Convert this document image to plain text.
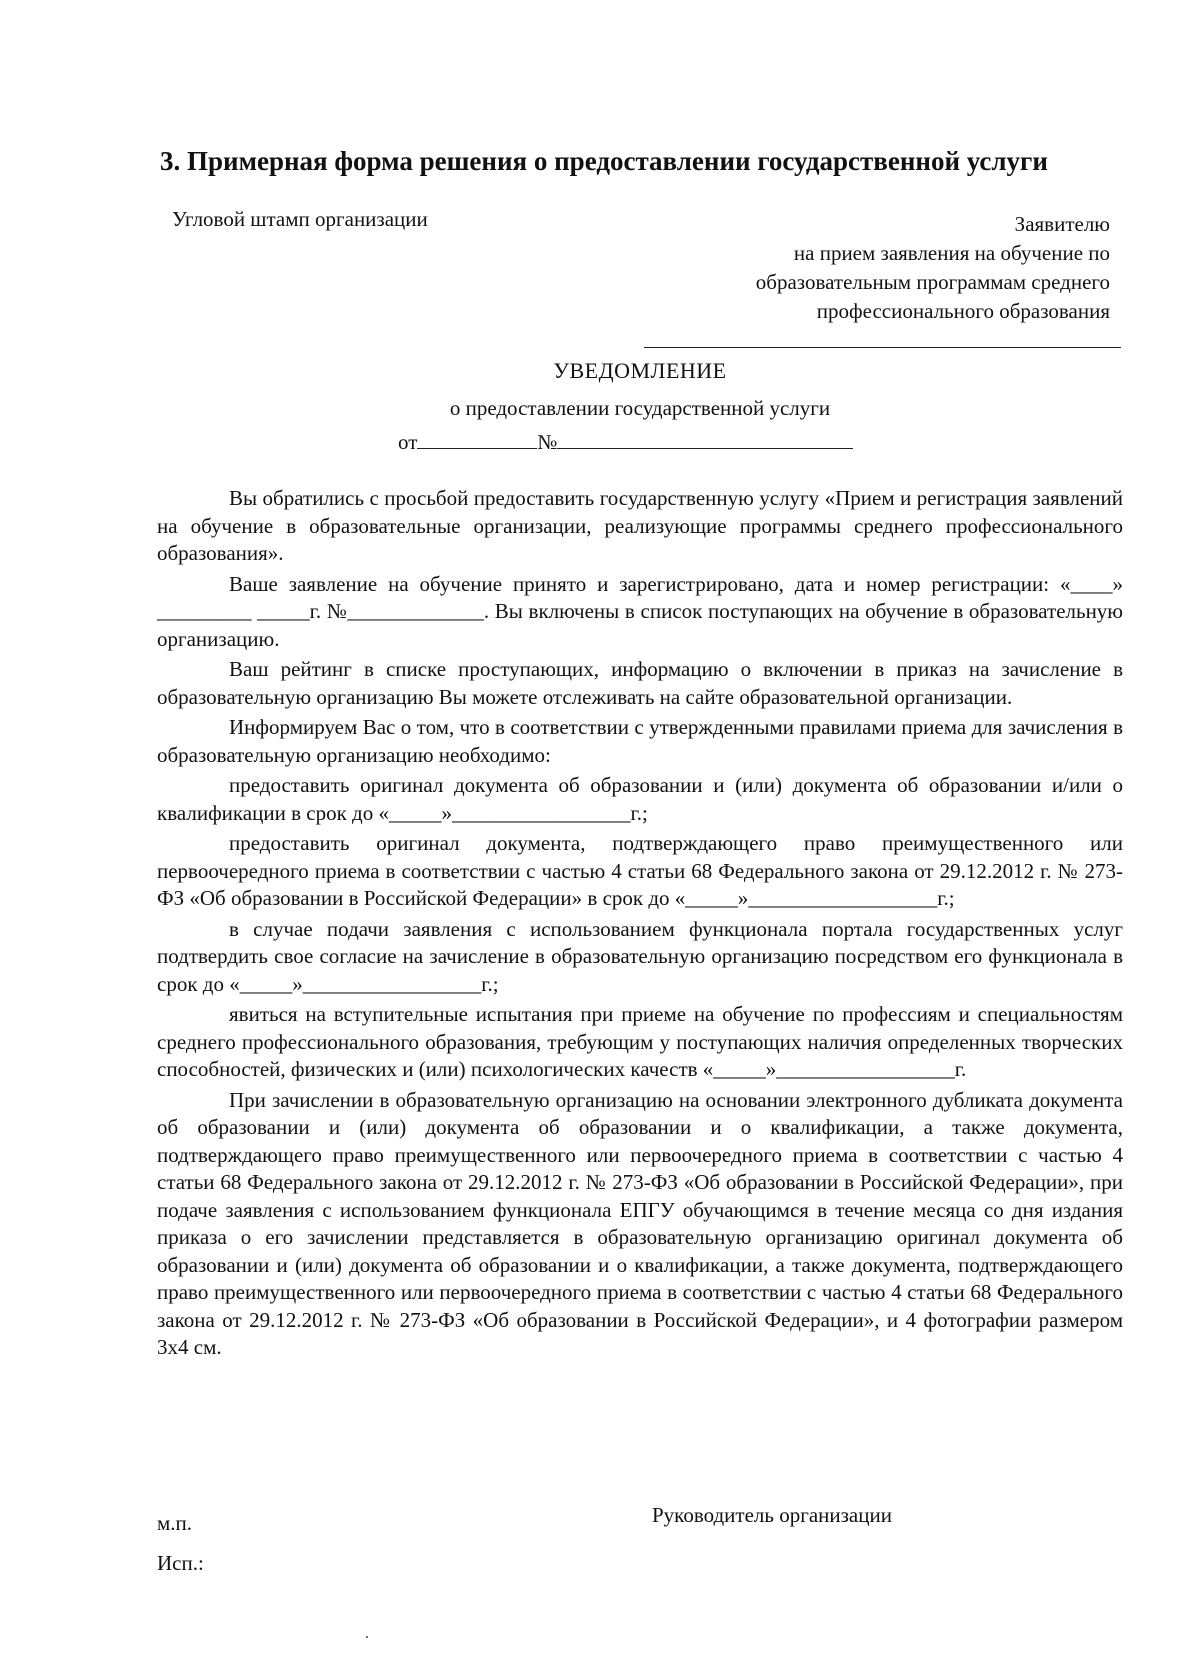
3. Примерная форма решения о предоставлении государственной услуги
Угловой штамп организации	Заявителю
на прием заявления на обучение по
образовательным программам среднего
профессионального образования
УВЕДОМЛЕНИЕ
о предоставлении государственной услуги
от	№

Вы обратились с просьбой предоставить государственную услугу «Прием и регистрация заявлений на обучение в образовательные организации, реализующие программы среднего профессионального образования».

Ваше заявление на обучение принято и зарегистрировано, дата и номер регистрации: «____» _________ _____г. №_____________. Вы включены в список поступающих на обучение в образовательную организацию.

Ваш рейтинг в списке проступающих, информацию о включении в приказ на зачисление в образовательную организацию Вы можете отслеживать на сайте образовательной организации.

Информируем Вас о том, что в соответствии с утвержденными правилами приема для зачисления в образовательную организацию необходимо:

предоставить оригинал документа об образовании и (или) документа об образовании и/или о квалификации в срок до «_____»_________________г.;

предоставить оригинал документа, подтверждающего право преимущественного или первоочередного приема в соответствии с частью 4 статьи 68 Федерального закона от 29.12.2012 г. № 273-ФЗ «Об образовании в Российской Федерации» в срок до «_____»__________________г.;

в случае подачи заявления с использованием функционала портала государственных услуг подтвердить свое согласие на зачисление в образовательную организацию посредством его функционала в срок до «_____»_________________г.;

явиться на вступительные испытания при приеме на обучение по профессиям и специальностям среднего профессионального образования, требующим у поступающих наличия определенных творческих способностей, физических и (или) психологических качеств «_____»_________________г.

При зачислении в образовательную организацию на основании электронного дубликата документа об образовании и (или) документа об образовании и о квалификации, а также документа, подтверждающего право преимущественного или первоочередного приема в соответствии с частью 4 статьи 68 Федерального закона от 29.12.2012 г. № 273-ФЗ «Об образовании в Российской Федерации», при подаче заявления с использованием функционала ЕПГУ обучающимся в течение месяца со дня издания приказа о его зачислении представляется в образовательную организацию оригинал документа об образовании и (или) документа об образовании и о квалификации, а также документа, подтверждающего право преимущественного или первоочередного приема в соответствии с частью 4 статьи 68 Федерального закона от 29.12.2012 г. № 273-ФЗ «Об образовании в Российской Федерации», и 4 фотографии размером 3х4 см.

м.п.
Исп.:
Руководитель организации
